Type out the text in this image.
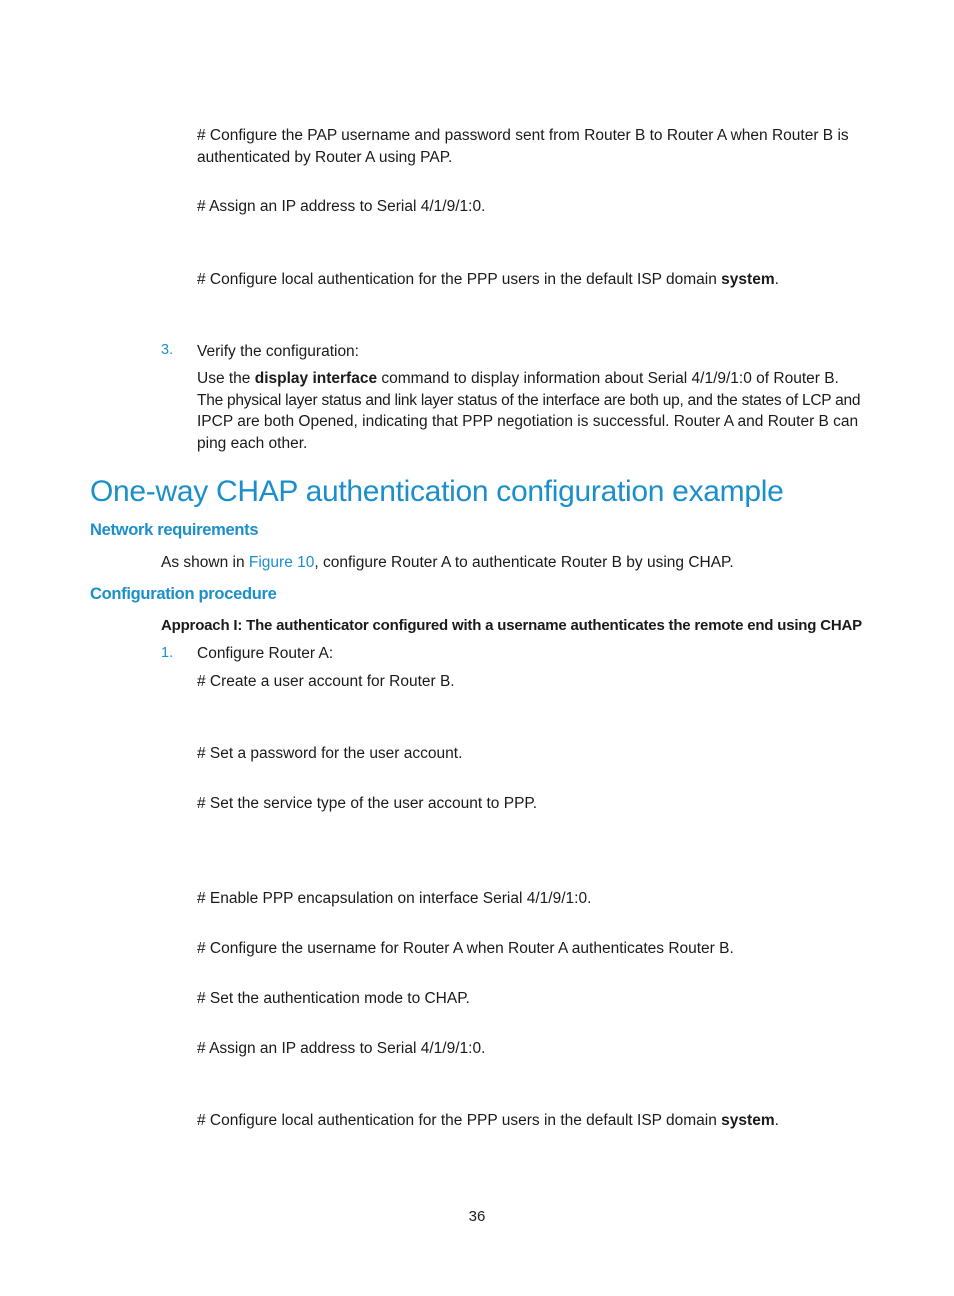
# Configure the PAP username and password sent from Router B to Router A when Router B is
authenticated by Router A using PAP.
# Assign an IP address to Serial 4/1/9/1:0.
# Configure local authentication for the PPP users in the default ISP domain system.
3. Verify the configuration:
Use the display interface command to display information about Serial 4/1/9/1:0 of Router B.
The physical layer status and link layer status of the interface are both up, and the states of LCP and
IPCP are both Opened, indicating that PPP negotiation is successful. Router A and Router B can
ping each other.
One-way CHAP authentication configuration example
Network requirements
As shown in Figure 10, configure Router A to authenticate Router B by using CHAP.
Configuration procedure
Approach I: The authenticator configured with a username authenticates the remote end using CHAP
1. Configure Router A:
# Create a user account for Router B.
# Set a password for the user account.
# Set the service type of the user account to PPP.
# Enable PPP encapsulation on interface Serial 4/1/9/1:0.
# Configure the username for Router A when Router A authenticates Router B.
# Set the authentication mode to CHAP.
# Assign an IP address to Serial 4/1/9/1:0.
# Configure local authentication for the PPP users in the default ISP domain system.
36
